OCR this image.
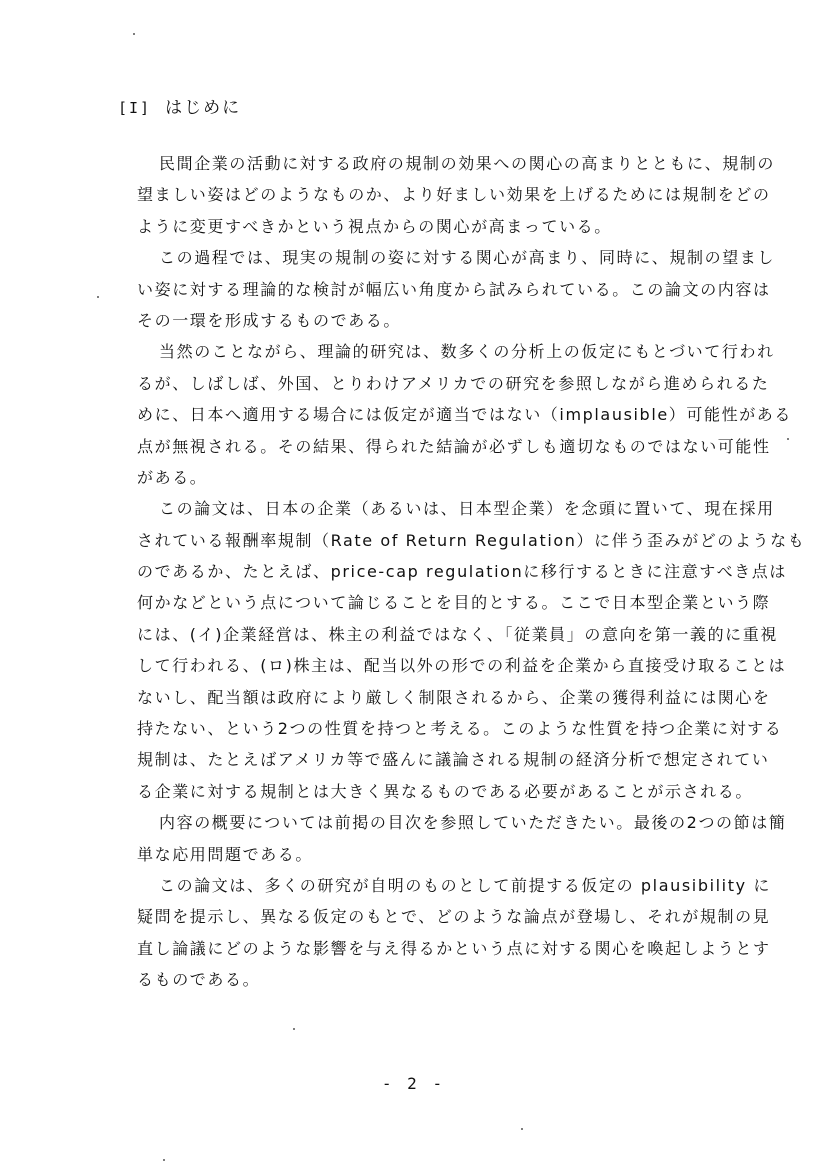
[I] はじめに
民間企業の活動に対する政府の規制の効果への関心の高まりとともに、規制の
望ましい姿はどのようなものか、より好ましい効果を上げるためには規制をどの
ように変更すべきかという視点からの関心が高まっている。
この過程では、現実の規制の姿に対する関心が高まり、同時に、規制の望まし
い姿に対する理論的な検討が幅広い角度から試みられている。この論文の内容は
その一環を形成するものである。
当然のことながら、理論的研究は、数多くの分析上の仮定にもとづいて行われ
るが、しばしば、外国、とりわけアメリカでの研究を参照しながら進められるた
めに、日本へ適用する場合には仮定が適当ではない（implausible）可能性がある
点が無視される。その結果、得られた結論が必ずしも適切なものではない可能性
がある。
この論文は、日本の企業（あるいは、日本型企業）を念頭に置いて、現在採用
されている報酬率規制（Rate of Return Regulation）に伴う歪みがどのようなも
のであるか、たとえば、price-cap regulationに移行するときに注意すべき点は
何かなどという点について論じることを目的とする。ここで日本型企業という際
には、(イ)企業経営は、株主の利益ではなく、「従業員」の意向を第一義的に重視
して行われる、(ロ)株主は、配当以外の形での利益を企業から直接受け取ることは
ないし、配当額は政府により厳しく制限されるから、企業の獲得利益には関心を
持たない、という2つの性質を持つと考える。このような性質を持つ企業に対する
規制は、たとえばアメリカ等で盛んに議論される規制の経済分析で想定されてい
る企業に対する規制とは大きく異なるものである必要があることが示される。
内容の概要については前掲の目次を参照していただきたい。最後の2つの節は簡
単な応用問題である。
この論文は、多くの研究が自明のものとして前提する仮定の plausibility に
疑問を提示し、異なる仮定のもとで、どのような論点が登場し、それが規制の見
直し論議にどのような影響を与え得るかという点に対する関心を喚起しようとす
るものである。
- 2 -
